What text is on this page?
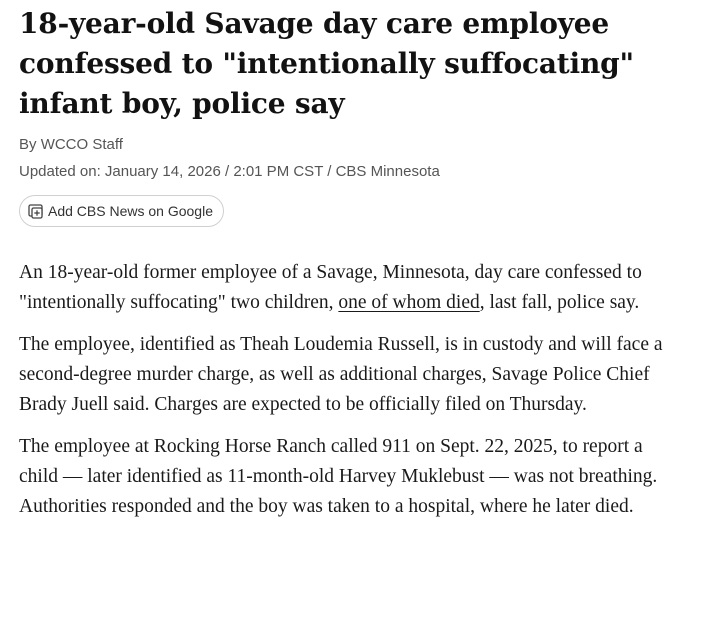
18-year-old Savage day care employee confessed to "intentionally suffocating" infant boy, police say
By WCCO Staff
Updated on: January 14, 2026 / 2:01 PM CST / CBS Minnesota
Add CBS News on Google

An 18-year-old former employee of a Savage, Minnesota, day care confessed to "intentionally suffocating" two children, one of whom died, last fall, police say.

The employee, identified as Theah Loudemia Russell, is in custody and will face a second-degree murder charge, as well as additional charges, Savage Police Chief Brady Juell said. Charges are expected to be officially filed on Thursday.

The employee at Rocking Horse Ranch called 911 on Sept. 22, 2025, to report a child — later identified as 11-month-old Harvey Muklebust — was not breathing. Authorities responded and the boy was taken to a hospital, where he later died.
